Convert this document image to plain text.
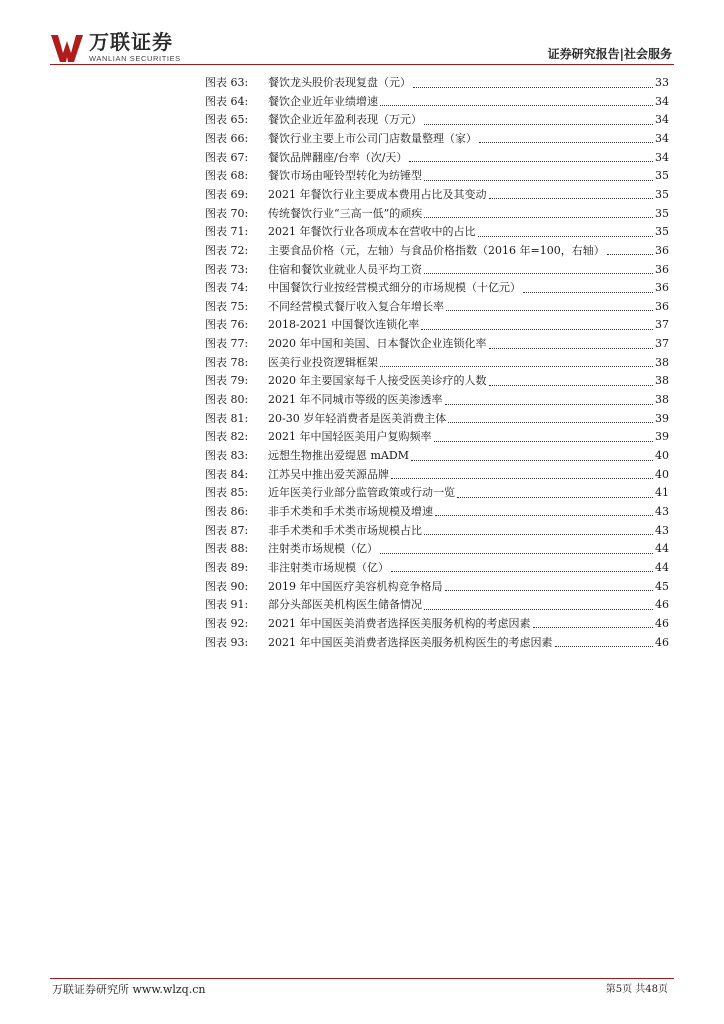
万联证券
WANLIAN SECURITIES	证券研究报告|社会服务
图表 63:	餐饮龙头股价表现复盘（元）	33
图表 64:	餐饮企业近年业绩增速	34
图表 65:	餐饮企业近年盈利表现（万元）	34
图表 66:	餐饮行业主要上市公司门店数量整理（家）	34
图表 67:	餐饮品牌翻座/台率（次/天）	34
图表 68:	餐饮市场由哑铃型转化为纺锤型	35
图表 69:	2021 年餐饮行业主要成本费用占比及其变动	35
图表 70:	传统餐饮行业“三高一低”的顽疾	35
图表 71:	2021 年餐饮行业各项成本在营收中的占比	35
图表 72:	主要食品价格（元，左轴）与食品价格指数（2016 年=100，右轴）	36
图表 73:	住宿和餐饮业就业人员平均工资	36
图表 74:	中国餐饮行业按经营模式细分的市场规模（十亿元）	36
图表 75:	不同经营模式餐厅收入复合年增长率	36
图表 76:	2018-2021 中国餐饮连锁化率	37
图表 77:	2020 年中国和美国、日本餐饮企业连锁化率	37
图表 78:	医美行业投资逻辑框架	38
图表 79:	2020 年主要国家每千人接受医美诊疗的人数	38
图表 80:	2021 年不同城市等级的医美渗透率	38
图表 81:	20-30 岁年轻消费者是医美消费主体	39
图表 82:	2021 年中国轻医美用户复购频率	39
图表 83:	远想生物推出爱缇恩 mADM	40
图表 84:	江苏吴中推出爱芙源品牌	40
图表 85:	近年医美行业部分监管政策或行动一览	41
图表 86:	非手术类和手术类市场规模及增速	43
图表 87:	非手术类和手术类市场规模占比	43
图表 88:	注射类市场规模（亿）	44
图表 89:	非注射类市场规模（亿）	44
图表 90:	2019 年中国医疗美容机构竞争格局	45
图表 91:	部分头部医美机构医生储备情况	46
图表 92:	2021 年中国医美消费者选择医美服务机构的考虑因素	46
图表 93:	2021 年中国医美消费者选择医美服务机构医生的考虑因素	46
万联证券研究所 www.wlzq.cn	第5页 共48页
